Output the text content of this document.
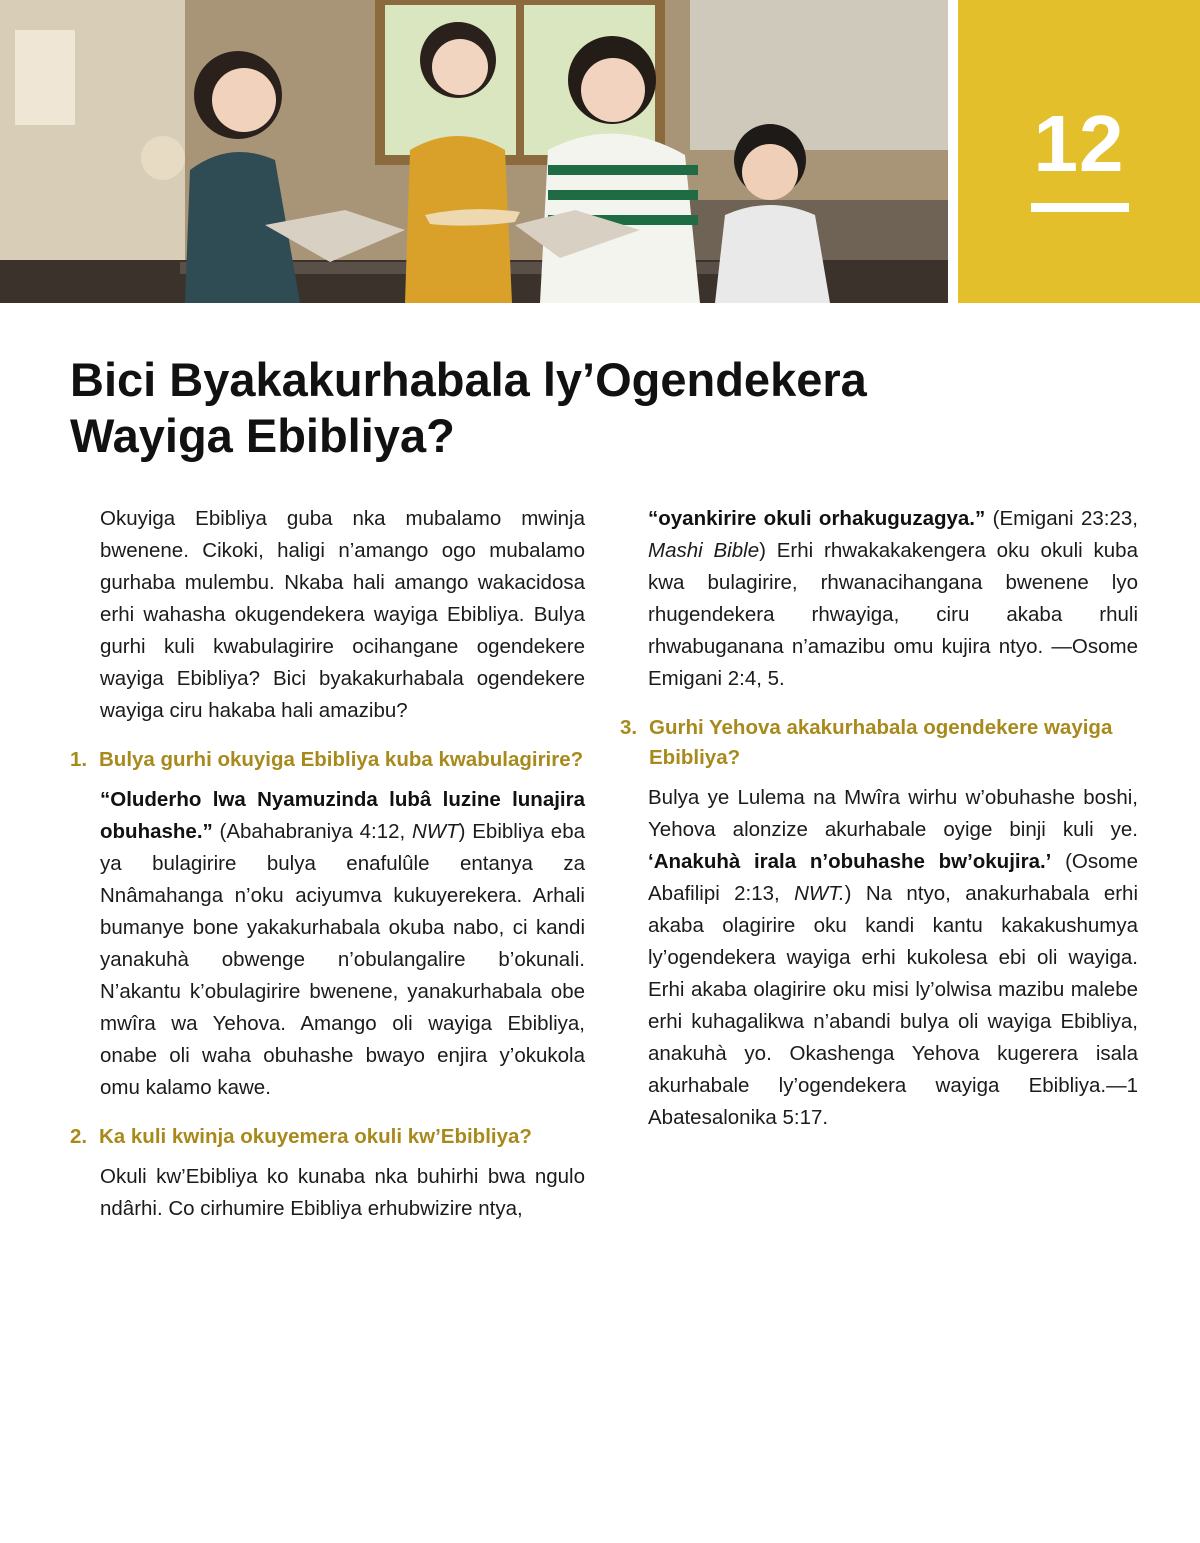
12
Bici Byakakurhabala ly’Ogendekera Wayiga Ebibliya?

Okuyiga Ebibliya guba nka mubalamo mwinja bwenene. Cikoki, haligi n’amango ogo mubalamo gurhaba mulembu. Nkaba hali amango wakacidosa erhi wahasha okugendekera wayiga Ebibliya. Bulya gurhi kuli kwabulagirire ocihangane ogendekere wayiga Ebibliya? Bici byakakurhabala ogendekere wayiga ciru hakaba hali amazibu?

1. Bulya gurhi okuyiga Ebibliya kuba kwabulagirire?

“Oluderho lwa Nyamuzinda lubâ luzine lunajira obuhashe.” (Abahabraniya 4:12, NWT) Ebibliya eba ya bulagirire bulya enafulûle entanya za Nnâmahanga n’oku aciyumva kukuyerekera. Arhali bumanye bone yakakurhabala okuba nabo, ci kandi yanakuhà obwenge n’obulangalire b’okunali. N’akantu k’obulagirire bwenene, yanakurhabala obe mwîra wa Yehova. Amango oli wayiga Ebibliya, onabe oli waha obuhashe bwayo enjira y’okukola omu kalamo kawe.

2. Ka kuli kwinja okuyemera okuli kw’Ebibliya?

Okuli kw’Ebibliya ko kunaba nka buhirhi bwa ngulo ndârhi. Co cirhumire Ebibliya erhubwizire ntya,

“oyankirire okuli orhakuguzagya.” (Emigani 23:23, Mashi Bible) Erhi rhwakakakengera oku okuli kuba kwa bulagirire, rhwanacihangana bwenene lyo rhugendekera rhwayiga, ciru akaba rhuli rhwabuganana n’amazibu omu kujira ntyo. —Osome Emigani 2:4, 5.

3. Gurhi Yehova akakurhabala ogendekere wayiga Ebibliya?

Bulya ye Lulema na Mwîra wirhu w’obuhashe boshi, Yehova alonzize akurhabale oyige binji kuli ye. ‘Anakuhà irala n’obuhashe bw’okujira.’ (Osome Abafilipi 2:13, NWT.) Na ntyo, anakurhabala erhi akaba olagirire oku kandi kantu kakakushumya ly’ogendekera wayiga erhi kukolesa ebi oli wayiga. Erhi akaba olagirire oku misi ly’olwisa mazibu malebe erhi kuhagalikwa n’abandi bulya oli wayiga Ebibliya, anakuhà yo. Okashenga Yehova kugerera isala akurhabale ly’ogendekera wayiga Ebibliya.—1 Abatesalonika 5:17.
